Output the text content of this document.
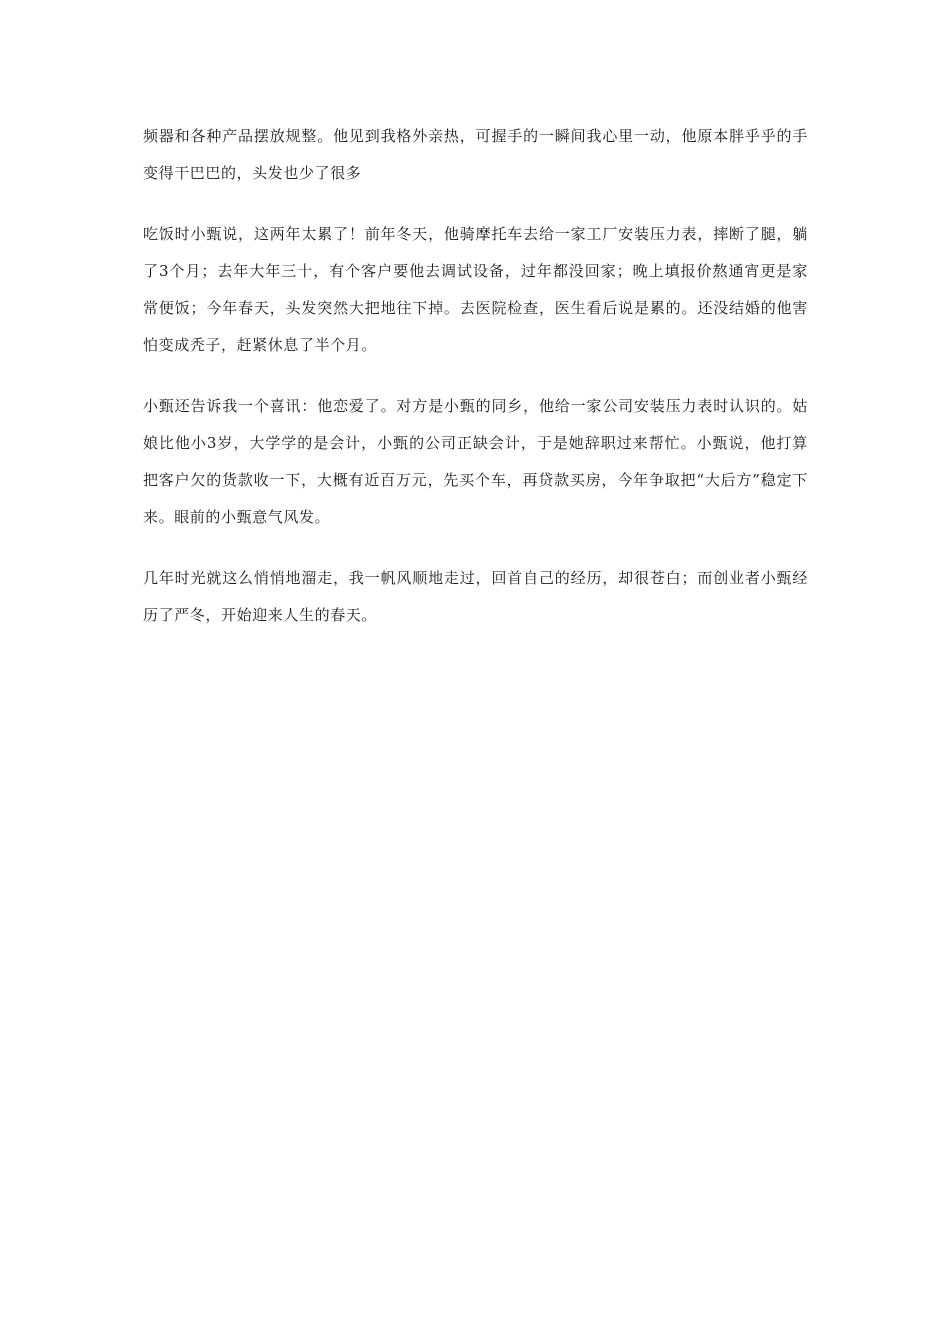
频器和各种产品摆放规整。他见到我格外亲热，可握手的一瞬间我心里一动，他原本胖乎乎的手变得干巴巴的，头发也少了很多

吃饭时小甄说，这两年太累了！前年冬天，他骑摩托车去给一家工厂安装压力表，摔断了腿，躺了3个月；去年大年三十，有个客户要他去调试设备，过年都没回家；晚上填报价熬通宵更是家常便饭；今年春天，头发突然大把地往下掉。去医院检查，医生看后说是累的。还没结婚的他害怕变成秃子，赶紧休息了半个月。

小甄还告诉我一个喜讯：他恋爱了。对方是小甄的同乡，他给一家公司安装压力表时认识的。姑娘比他小3岁，大学学的是会计，小甄的公司正缺会计，于是她辞职过来帮忙。小甄说，他打算把客户欠的货款收一下，大概有近百万元，先买个车，再贷款买房，今年争取把“大后方”稳定下来。眼前的小甄意气风发。

几年时光就这么悄悄地溜走，我一帆风顺地走过，回首自己的经历，却很苍白；而创业者小甄经历了严冬，开始迎来人生的春天。
